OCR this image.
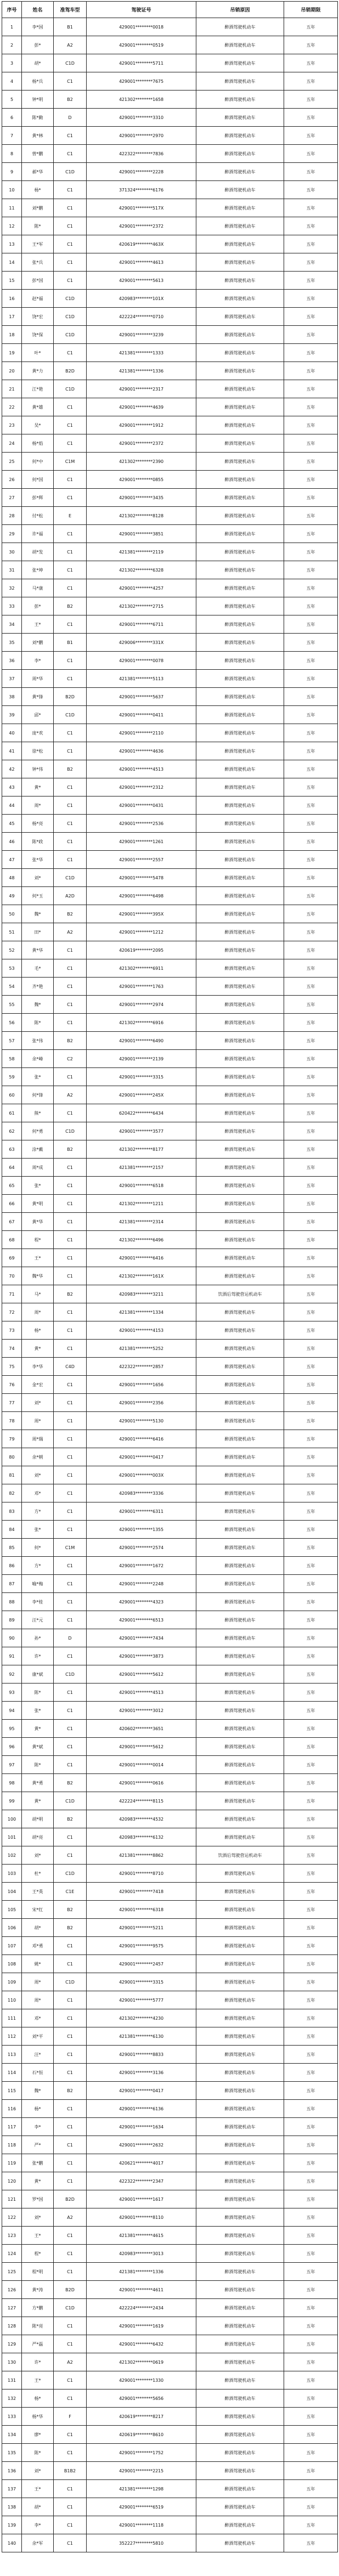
序号	姓名	准驾车型	驾驶证号	吊销原因	吊销期限
1	李*国	B1	429001********0018	醉酒驾驶机动车	五年
2	彭*	A2	429001********0519	醉酒驾驶机动车	五年
3	胡*	C1D	429001********5711	醉酒驾驶机动车	五年
4	杨*兵	C1	429001********7675	醉酒驾驶机动车	五年
5	钟*明	B2	421302********1658	醉酒驾驶机动车	五年
6	陈*勤	D	429001********3310	醉酒驾驶机动车	五年
7	黄*林	C1	429001********2970	醉酒驾驶机动车	五年
8	曾*鹏	C1	422322********7836	醉酒驾驶机动车	五年
9	郝*华	C1D	429001********2228	醉酒驾驶机动车	五年
10	杨*	C1	371324********6176	醉酒驾驶机动车	五年
11	刘*鹏	C1	429001********517X	醉酒驾驶机动车	五年
12	陈*	C1	429001********2372	醉酒驾驶机动车	五年
13	王*军	C1	420619********463X	醉酒驾驶机动车	五年
14	张*兵	C1	429001********4613	醉酒驾驶机动车	五年
15	彭*国	C1	429001********5613	醉酒驾驶机动车	五年
16	赵*福	C1D	420983********101X	醉酒驾驶机动车	五年
17	饶*宏	C1D	422224********0710	醉酒驾驶机动车	五年
18	饶*保	C1D	429001********3239	醉酒驾驶机动车	五年
19	叶*	C1	421381********1333	醉酒驾驶机动车	五年
20	黄*力	B2D	421381********1336	醉酒驾驶机动车	五年
21	江*艳	C1D	429001********2317	醉酒驾驶机动车	五年
22	黄*雄	C1	429001********4639	醉酒驾驶机动车	五年
23	吴*	C1	429001********1912	醉酒驾驶机动车	五年
24	杨*焰	C1	429001********2372	醉酒驾驶机动车	五年
25	何*中	C1M	421302********2390	醉酒驾驶机动车	五年
26	何*国	C1	429001********0855	醉酒驾驶机动车	五年
27	彭*辉	C1	429001********3435	醉酒驾驶机动车	五年
28	付*松	E	421302********8128	醉酒驾驶机动车	五年
29	许*福	C1	429001********3851	醉酒驾驶机动车	五年
30	胡*发	C1	421381********2119	醉酒驾驶机动车	五年
31	张*坤	C1	421302********6328	醉酒驾驶机动车	五年
32	马*康	C1	429001********4257	醉酒驾驶机动车	五年
33	彭*	B2	421302********2715	醉酒驾驶机动车	五年
34	王*	C1	429001********6711	醉酒驾驶机动车	五年
35	刘*鹏	B1	429006********331X	醉酒驾驶机动车	五年
36	李*	C1	429001********0078	醉酒驾驶机动车	五年
37	周*华	C1	421381********5113	醉酒驾驶机动车	五年
38	黄*锋	B2D	429001********5637	醉酒驾驶机动车	五年
39	邱*	C1D	429001********0411	醉酒驾驶机动车	五年
40	庞*欢	C1	429001********2110	醉酒驾驶机动车	五年
41	徐*松	C1	429001********4636	醉酒驾驶机动车	五年
42	钟*伟	B2	429001********4513	醉酒驾驶机动车	五年
43	黄*	C1	429001********2312	醉酒驾驶机动车	五年
44	周*	C1	429001********0431	醉酒驾驶机动车	五年
45	杨*亮	C1	429001********2536	醉酒驾驶机动车	五年
46	陈*政	C1	429001********1261	醉酒驾驶机动车	五年
47	张*华	C1	429001********2557	醉酒驾驶机动车	五年
48	刘*	C1D	429001********5478	醉酒驾驶机动车	五年
49	何*玉	A2D	429001********6498	醉酒驾驶机动车	五年
50	魏*	B2	429001********395X	醉酒驾驶机动车	五年
51	田*	A2	429001********1212	醉酒驾驶机动车	五年
52	黄*华	C1	420619********2095	醉酒驾驶机动车	五年
53	毛*	C1	421302********6911	醉酒驾驶机动车	五年
54	齐*艳	C1	429001********1763	醉酒驾驶机动车	五年
55	魏*	C1	429001********2974	醉酒驾驶机动车	五年
56	陈*	C1	421302********6916	醉酒驾驶机动车	五年
57	张*伟	B2	429001********6490	醉酒驾驶机动车	五年
58	余*峰	C2	429001********2139	醉酒驾驶机动车	五年
59	张*	C1	429001********3315	醉酒驾驶机动车	五年
60	何*锋	A2	429001********245X	醉酒驾驶机动车	五年
61	熊*	C1	620422********6434	醉酒驾驶机动车	五年
62	何*勇	C1D	429001********3577	醉酒驾驶机动车	五年
63	涂*戴	B2	421302********8177	醉酒驾驶机动车	五年
64	周*成	C1	421381********2157	醉酒驾驶机动车	五年
65	张*	C1	429001********6518	醉酒驾驶机动车	五年
66	黄*明	C1	421302********1211	醉酒驾驶机动车	五年
67	黄*华	C1	421381********2314	醉酒驾驶机动车	五年
68	程*	C1	421302********6496	醉酒驾驶机动车	五年
69	王*	C1	429001********6416	醉酒驾驶机动车	五年
70	魏*华	C1	421302********161X	醉酒驾驶机动车	五年
71	马*	B2	420983********3211	饮酒后驾驶营运机动车	五年
72	周*	C1	421381********1334	醉酒驾驶机动车	五年
73	杨*	C1	429001********4153	醉酒驾驶机动车	五年
74	黄*	C1	421381********5252	醉酒驾驶机动车	五年
75	李*华	C4D	422322********2857	醉酒驾驶机动车	五年
76	金*宏	C1	429001********1656	醉酒驾驶机动车	五年
77	刘*	C1	429001********2356	醉酒驾驶机动车	五年
78	周*	C1	429001********5130	醉酒驾驶机动车	五年
79	周*瑞	C1	429001********6416	醉酒驾驶机动车	五年
80	余*朝	C1	429001********0417	醉酒驾驶机动车	五年
81	刘*	C1	429001********003X	醉酒驾驶机动车	五年
82	邓*	C1	420983********3336	醉酒驾驶机动车	五年
83	方*	C1	429001********6311	醉酒驾驶机动车	五年
84	张*	C1	429001********1355	醉酒驾驶机动车	五年
85	何*	C1M	429001********2574	醉酒驾驶机动车	五年
86	方*	C1	429001********1672	醉酒驾驶机动车	五年
87	喻*梅	C1	429001********2248	醉酒驾驶机动车	五年
88	李*桂	C1	429001********4323	醉酒驾驶机动车	五年
89	汪*元	C1	429001********6513	醉酒驾驶机动车	五年
90	孙*	D	429001********7434	醉酒驾驶机动车	五年
91	许*	C1	429001********3873	醉酒驾驶机动车	五年
92	康*斌	C1D	429001********5612	醉酒驾驶机动车	五年
93	陈*	C1	429001********4513	醉酒驾驶机动车	五年
94	张*	C1	429001********3012	醉酒驾驶机动车	五年
95	黄*	C1	420602********3651	醉酒驾驶机动车	五年
96	黄*斌	C1	429001********5612	醉酒驾驶机动车	五年
97	陈*	C1	429001********0014	醉酒驾驶机动车	五年
98	黄*勇	B2	429001********0616	醉酒驾驶机动车	五年
99	黄*	C1D	422224********8115	醉酒驾驶机动车	五年
100	胡*明	B2	420983********4532	醉酒驾驶机动车	五年
101	胡*亮	C1	420983********6132	醉酒驾驶机动车	五年
102	刘*	C1	421381********8862	饮酒后驾驶营运机动车	五年
103	杜*	C1D	429001********8710	醉酒驾驶机动车	五年
104	王*英	C1E	429001********7418	醉酒驾驶机动车	五年
105	宋*红	B2	429001********6318	醉酒驾驶机动车	五年
106	胡*	B2	429001********5211	醉酒驾驶机动车	五年
107	邓*勇	C1	429001********9575	醉酒驾驶机动车	五年
108	姚*	C1	429001********2457	醉酒驾驶机动车	五年
109	周*	C1D	429001********3315	醉酒驾驶机动车	五年
110	周*	C1	429001********5777	醉酒驾驶机动车	五年
111	邓*	C1	421302********4230	醉酒驾驶机动车	五年
112	刘*平	C1	421381********6130	醉酒驾驶机动车	五年
113	汪*	C1	429001********8833	醉酒驾驶机动车	五年
114	石*恒	C1	429001********3136	醉酒驾驶机动车	五年
115	魏*	B2	429001********0417	醉酒驾驶机动车	五年
116	杨*	C1	429001********6136	醉酒驾驶机动车	五年
117	李*	C1	429001********1634	醉酒驾驶机动车	五年
118	严*	C1	429001********2632	醉酒驾驶机动车	五年
119	张*鹏	C1	420621********4017	醉酒驾驶机动车	五年
120	黄*	C1	422322********2347	醉酒驾驶机动车	五年
121	罗*国	B2D	429001********1617	醉酒驾驶机动车	五年
122	刘*	A2	429001********8110	醉酒驾驶机动车	五年
123	王*	C1	421381********4615	醉酒驾驶机动车	五年
124	程*	C1	420983********3013	醉酒驾驶机动车	五年
125	程*明	C1	421381********1336	醉酒驾驶机动车	五年
126	黄*涛	B2D	429001********4611	醉酒驾驶机动车	五年
127	方*鹏	C1D	422224********2434	醉酒驾驶机动车	五年
128	陈*亮	C1	429001********1619	醉酒驾驶机动车	五年
129	严*磊	C1	429001********6432	醉酒驾驶机动车	五年
130	许*	A2	421302********0619	醉酒驾驶机动车	五年
131	王*	C1	429001********1330	醉酒驾驶机动车	五年
132	杨*	C1	429001********5656	醉酒驾驶机动车	五年
133	杨*华	F	420619********8217	醉酒驾驶机动车	五年
134	廖*	C1	420619********8610	醉酒驾驶机动车	五年
135	陈*	C1	429001********1752	醉酒驾驶机动车	五年
136	刘*	B1B2	429001********2215	醉酒驾驶机动车	五年
137	王*	C1	421381********1298	醉酒驾驶机动车	五年
138	胡*	C1	429001********6519	醉酒驾驶机动车	五年
139	李*	C1	429001********1118	醉酒驾驶机动车	五年
140	余*军	C1	352227********5810	醉酒驾驶机动车	五年
